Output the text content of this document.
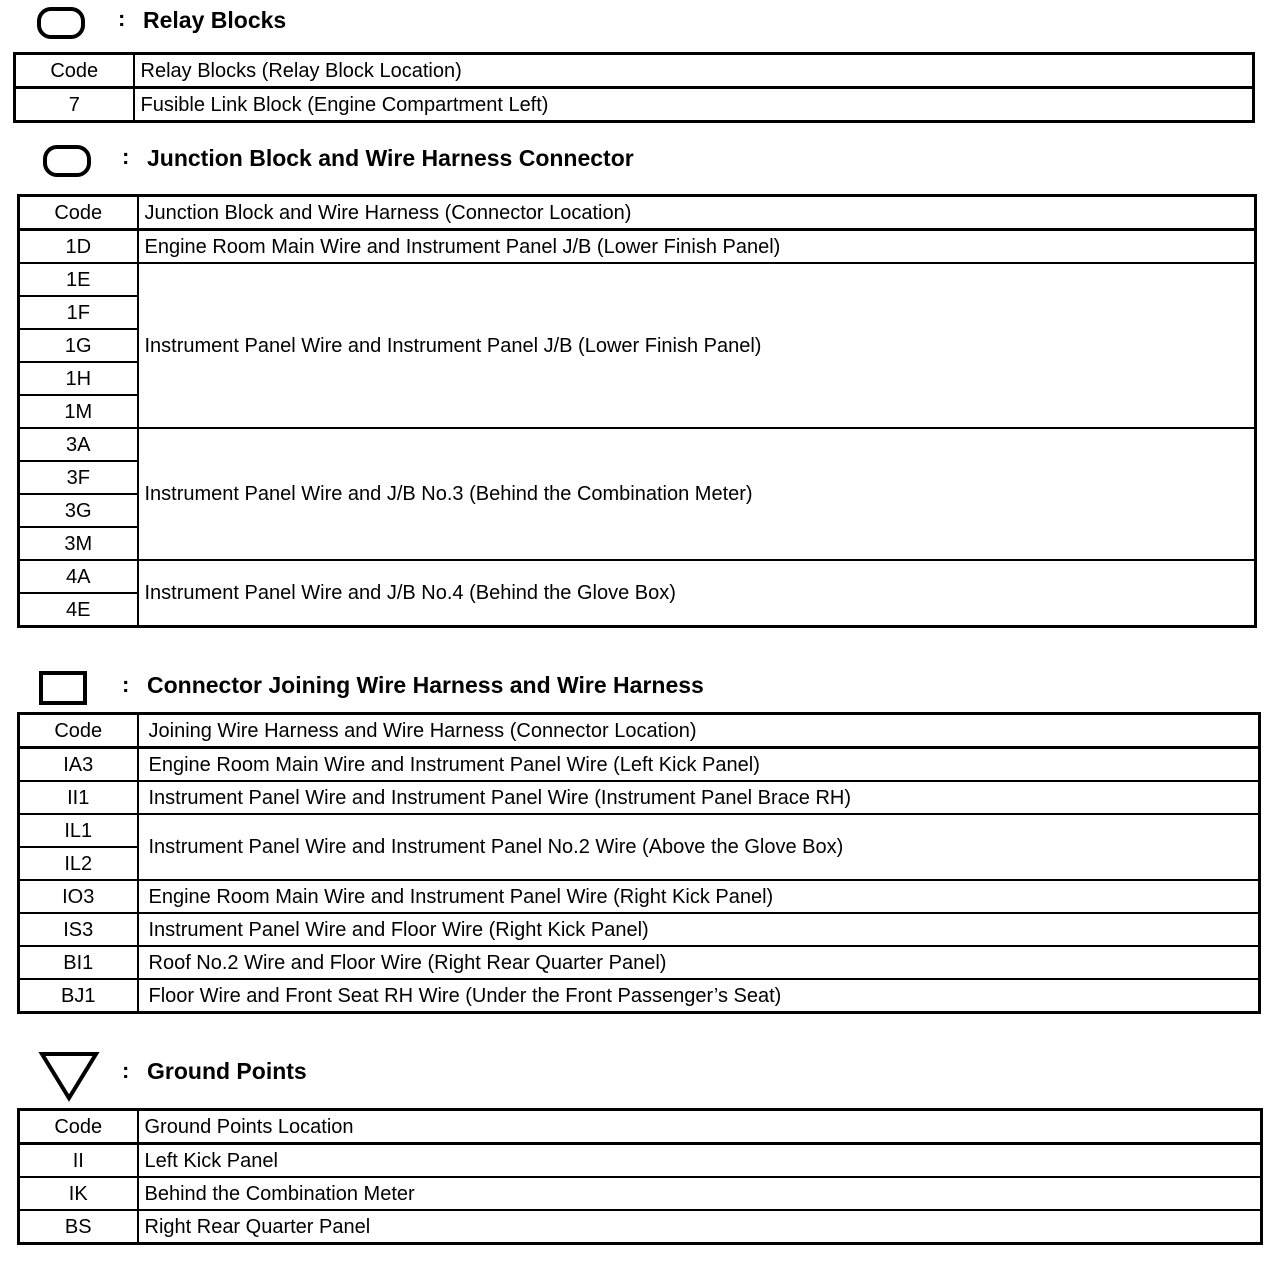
: Relay Blocks
Code	Relay Blocks (Relay Block Location)
7	Fusible Link Block (Engine Compartment Left)
: Junction Block and Wire Harness Connector
Code	Junction Block and Wire Harness (Connector Location)
1D	Engine Room Main Wire and Instrument Panel J/B (Lower Finish Panel)
1E	Instrument Panel Wire and Instrument Panel J/B (Lower Finish Panel)
1F	
1G	
1H	
1M	
3A	Instrument Panel Wire and J/B No.3 (Behind the Combination Meter)
3F	
3G	
3M	
4A	Instrument Panel Wire and J/B No.4 (Behind the Glove Box)
4E	
: Connector Joining Wire Harness and Wire Harness
Code	Joining Wire Harness and Wire Harness (Connector Location)
IA3	Engine Room Main Wire and Instrument Panel Wire (Left Kick Panel)
II1	Instrument Panel Wire and Instrument Panel Wire (Instrument Panel Brace RH)
IL1	Instrument Panel Wire and Instrument Panel No.2 Wire (Above the Glove Box)
IL2	
IO3	Engine Room Main Wire and Instrument Panel Wire (Right Kick Panel)
IS3	Instrument Panel Wire and Floor Wire (Right Kick Panel)
BI1	Roof No.2 Wire and Floor Wire (Right Rear Quarter Panel)
BJ1	Floor Wire and Front Seat RH Wire (Under the Front Passenger’s Seat)
: Ground Points
Code	Ground Points Location
II	Left Kick Panel
IK	Behind the Combination Meter
BS	Right Rear Quarter Panel
